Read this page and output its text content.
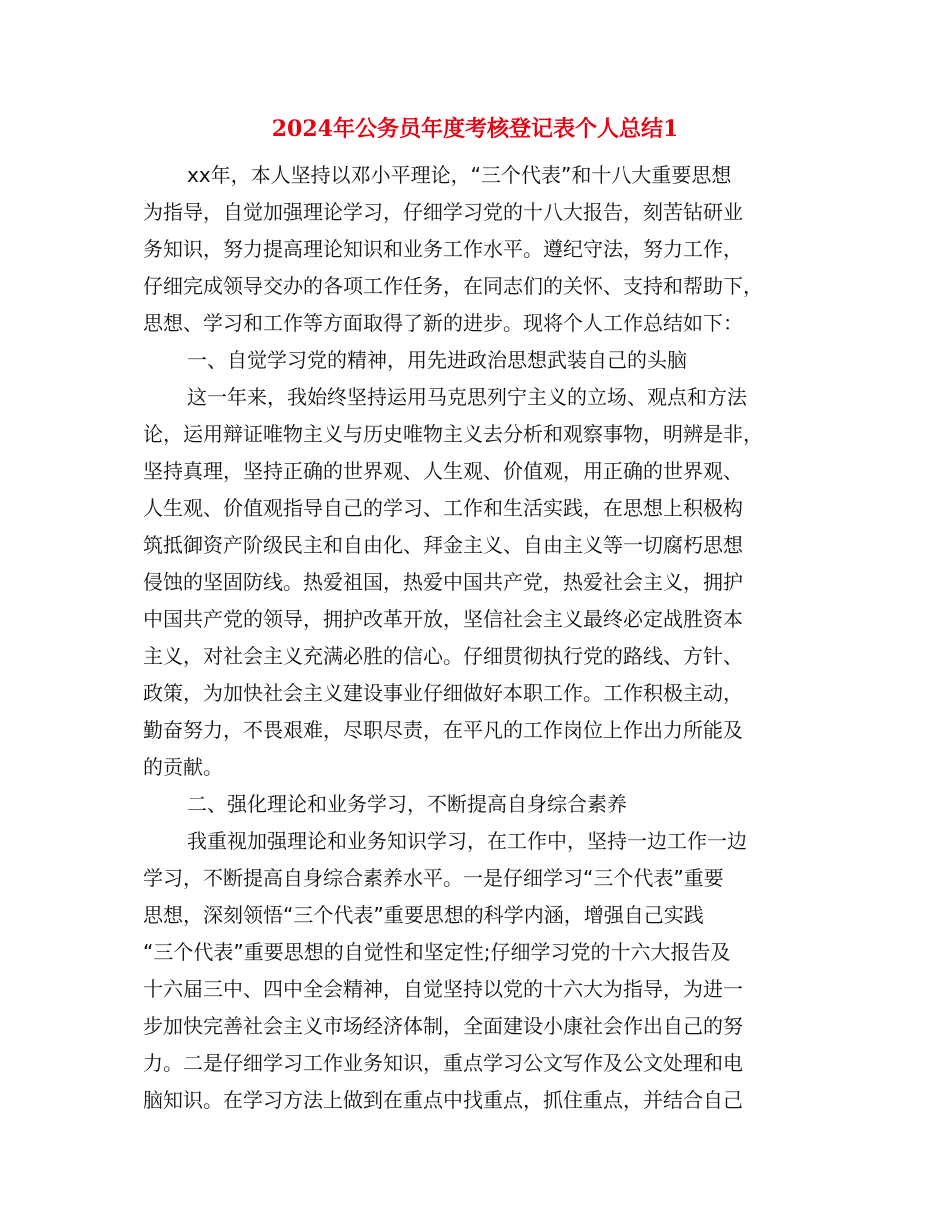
2024年公务员年度考核登记表个人总结1
xx年，本人坚持以邓小平理论，“三个代表”和十八大重要思想
为指导，自觉加强理论学习，仔细学习党的十八大报告，刻苦钻研业
务知识，努力提高理论知识和业务工作水平。遵纪守法，努力工作，
仔细完成领导交办的各项工作任务，在同志们的关怀、支持和帮助下，
思想、学习和工作等方面取得了新的进步。现将个人工作总结如下：
一、自觉学习党的精神，用先进政治思想武装自己的头脑
这一年来，我始终坚持运用马克思列宁主义的立场、观点和方法
论，运用辩证唯物主义与历史唯物主义去分析和观察事物，明辨是非，
坚持真理，坚持正确的世界观、人生观、价值观，用正确的世界观、
人生观、价值观指导自己的学习、工作和生活实践，在思想上积极构
筑抵御资产阶级民主和自由化、拜金主义、自由主义等一切腐朽思想
侵蚀的坚固防线。热爱祖国，热爱中国共产党，热爱社会主义，拥护
中国共产党的领导，拥护改革开放，坚信社会主义最终必定战胜资本
主义，对社会主义充满必胜的信心。仔细贯彻执行党的路线、方针、
政策，为加快社会主义建设事业仔细做好本职工作。工作积极主动，
勤奋努力，不畏艰难，尽职尽责，在平凡的工作岗位上作出力所能及
的贡献。
二、强化理论和业务学习，不断提高自身综合素养
我重视加强理论和业务知识学习，在工作中，坚持一边工作一边
学习，不断提高自身综合素养水平。一是仔细学习“三个代表”重要
思想，深刻领悟“三个代表”重要思想的科学内涵，增强自己实践
“三个代表”重要思想的自觉性和坚定性;仔细学习党的十六大报告及
十六届三中、四中全会精神，自觉坚持以党的十六大为指导，为进一
步加快完善社会主义市场经济体制，全面建设小康社会作出自己的努
力。二是仔细学习工作业务知识，重点学习公文写作及公文处理和电
脑知识。在学习方法上做到在重点中找重点，抓住重点，并结合自己
